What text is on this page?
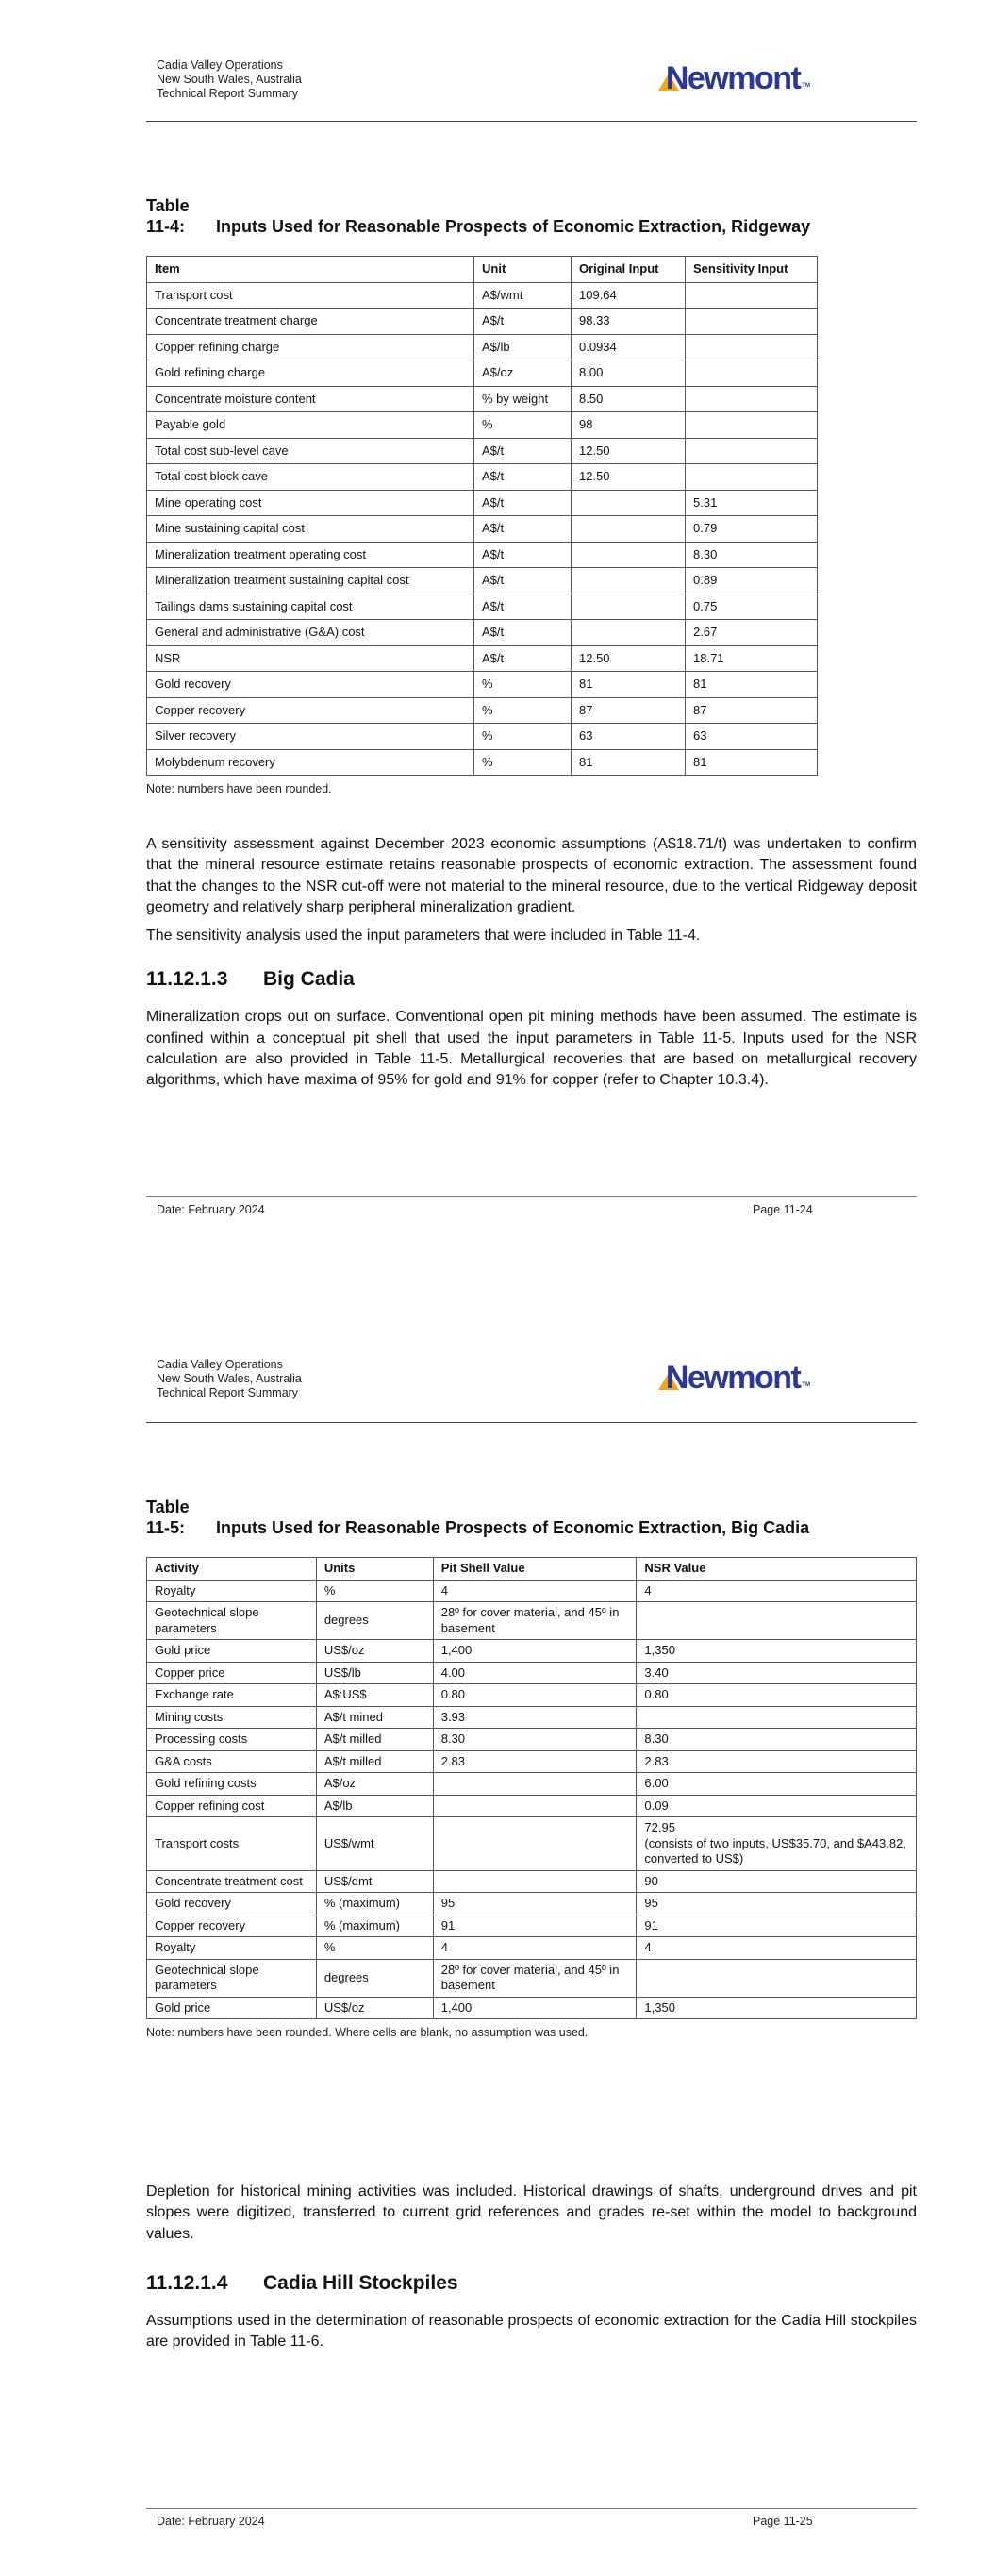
Cadia Valley Operations
New South Wales, Australia
Technical Report Summary	Newmont TM
Table 11-4: Inputs Used for Reasonable Prospects of Economic Extraction, Ridgeway
Item	Unit	Original Input	Sensitivity Input

Transport cost	A$/wmt	109.64	

Concentrate treatment charge	A$/t	98.33	

Copper refining charge	A$/lb	0.0934	

Gold refining charge	A$/oz	8.00	

Concentrate moisture content	% by weight	8.50	

Payable gold	%	98	

Total cost sub-level cave	A$/t	12.50	

Total cost block cave	A$/t	12.50	

Mine operating cost	A$/t		5.31

Mine sustaining capital cost	A$/t		0.79

Mineralization treatment operating cost	A$/t		8.30

Mineralization treatment sustaining capital cost	A$/t		0.89

Tailings dams sustaining capital cost	A$/t		0.75

General and administrative (G&A) cost	A$/t		2.67

NSR	A$/t	12.50	18.71

Gold recovery	%	81	81

Copper recovery	%	87	87

Silver recovery	%	63	63

Molybdenum recovery	%	81	81
Note: numbers have been rounded.
A sensitivity assessment against December 2023 economic assumptions (A$18.71/t) was undertaken to confirm that the mineral resource estimate retains reasonable prospects of economic extraction. The assessment found that the changes to the NSR cut-off were not material to the mineral resource, due to the vertical Ridgeway deposit geometry and relatively sharp peripheral mineralization gradient.
The sensitivity analysis used the input parameters that were included in Table 11-4.
11.12.1.3 Big Cadia
Mineralization crops out on surface. Conventional open pit mining methods have been assumed. The estimate is confined within a conceptual pit shell that used the input parameters in Table 11-5. Inputs used for the NSR calculation are also provided in Table 11-5. Metallurgical recoveries that are based on metallurgical recovery algorithms, which have maxima of 95% for gold and 91% for copper (refer to Chapter 10.3.4).
Date: February 2024	Page 11-24
Cadia Valley Operations
New South Wales, Australia
Technical Report Summary	Newmont TM
Table 11-5: Inputs Used for Reasonable Prospects of Economic Extraction, Big Cadia
Activity	Units	Pit Shell Value	NSR Value

Royalty	%	4	4

Geotechnical slope parameters	degrees	28º for cover material, and 45º in basement	

Gold price	US$/oz	1,400	1,350

Copper price	US$/lb	4.00	3.40

Exchange rate	A$:US$	0.80	0.80

Mining costs	A$/t mined	3.93	

Processing costs	A$/t milled	8.30	8.30

G&A costs	A$/t milled	2.83	2.83

Gold refining costs	A$/oz		6.00

Copper refining cost	A$/lb		0.09

Transport costs	US$/wmt		72.95
(consists of two inputs, US$35.70, and $A43.82, converted to US$)

Concentrate treatment cost	US$/dmt		90

Gold recovery	% (maximum)	95	95

Copper recovery	% (maximum)	91	91

Royalty	%	4	4

Geotechnical slope parameters	degrees	28º for cover material, and 45º in basement	

Gold price	US$/oz	1,400	1,350
Note: numbers have been rounded. Where cells are blank, no assumption was used.
Depletion for historical mining activities was included. Historical drawings of shafts, underground drives and pit slopes were digitized, transferred to current grid references and grades re-set within the model to background values.
11.12.1.4 Cadia Hill Stockpiles
Assumptions used in the determination of reasonable prospects of economic extraction for the Cadia Hill stockpiles are provided in Table 11-6.
Date: February 2024	Page 11-25
